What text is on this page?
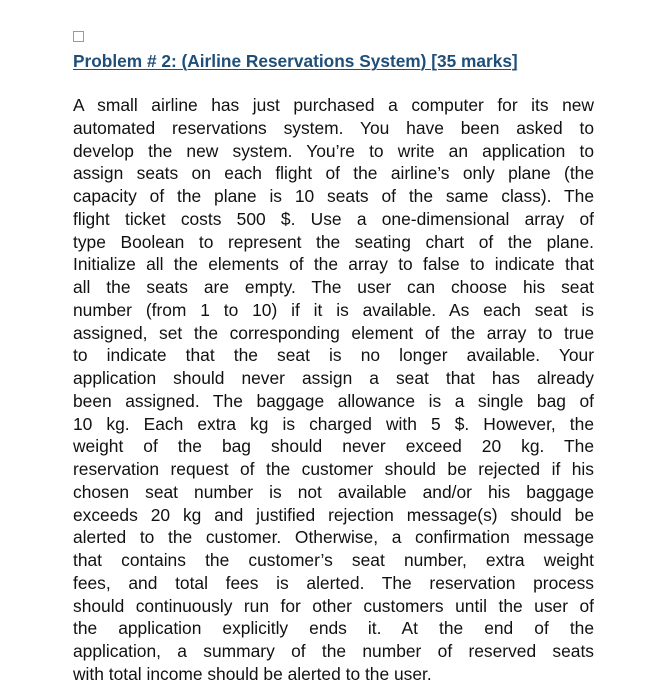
Problem # 2: (Airline Reservations System) [35 marks]
A small airline has just purchased a computer for its new
automated reservations system. You have been asked to
develop the new system. You’re to write an application to
assign seats on each flight of the airline’s only plane (the
capacity of the plane is 10 seats of the same class). The
flight ticket costs 500 $. Use a one-dimensional array of
type Boolean to represent the seating chart of the plane.
Initialize all the elements of the array to false to indicate that
all the seats are empty. The user can choose his seat
number (from 1 to 10) if it is available. As each seat is
assigned, set the corresponding element of the array to true
to indicate that the seat is no longer available. Your
application should never assign a seat that has already
been assigned. The baggage allowance is a single bag of
10 kg. Each extra kg is charged with 5 $. However, the
weight of the bag should never exceed 20 kg. The
reservation request of the customer should be rejected if his
chosen seat number is not available and/or his baggage
exceeds 20 kg and justified rejection message(s) should be
alerted to the customer. Otherwise, a confirmation message
that contains the customer’s seat number, extra weight
fees, and total fees is alerted. The reservation process
should continuously run for other customers until the user of
the application explicitly ends it. At the end of the
application, a summary of the number of reserved seats
with total income should be alerted to the user.
